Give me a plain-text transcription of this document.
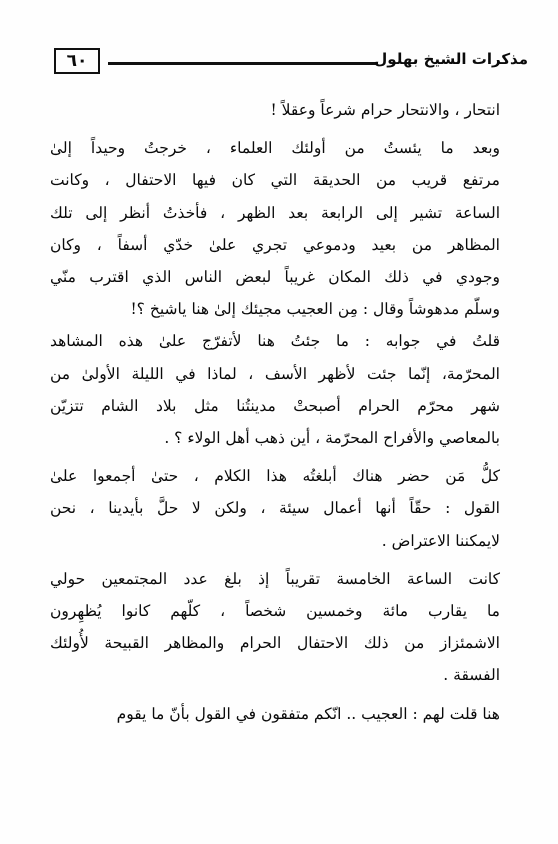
٦٠	مذكرات الشيخ بهلول
انتحار ، والانتحار حرام شرعاً وعقلاً !
وبعد ما يئستُ من أولئك العلماء ، خرجتُ وحيداً إلىٰ
مرتفع قريب من الحديقة التي كان فيها الاحتفال ، وكانت
الساعة تشير إلى الرابعة بعد الظهر ، فأخذتُ أنظر إلى تلك
المظاهر من بعيد ودموعي تجري علىٰ خدّي أسفاً ، وكان
وجودي في ذلك المكان غريباً لبعض الناس الذي اقترب منّي
وسلّم مدهوشاً وقال : مِن العجيب مجيئك إلىٰ هنا ياشيخ ؟!
قلتُ في جوابه : ما جئتُ هنا لأتفرّج علىٰ هذه المشاهد
المحرّمة، إنّما جئت لأظهر الأسف ، لماذا في الليلة الأولىٰ من
شهر محرّم الحرام أصبحتْ مدينتُنا مثل بلاد الشام تتزيّن
بالمعاصي والأفراح المحرّمة ، أين ذهب أهل الولاء ؟ .
كلُّ مَن حضر هناك أبلغتُه هذا الكلام ، حتىٰ أجمعوا علىٰ
القول : حقّاً أنها أعمال سيئة ، ولكن لا حلَّ بأيدينا ، نحن
لايمكننا الاعتراض .
كانت الساعة الخامسة تقريباً إذ بلغ عدد المجتمعين حولي
ما يقارب مائة وخمسين شخصاً ، كلّهم كانوا يُظهِرون
الاشمئزاز من ذلك الاحتفال الحرام والمظاهر القبيحة لأُولئك
الفسقة .
هنا قلت لهم : العجيب .. انّكم متفقون في القول بأنّ ما يقوم
